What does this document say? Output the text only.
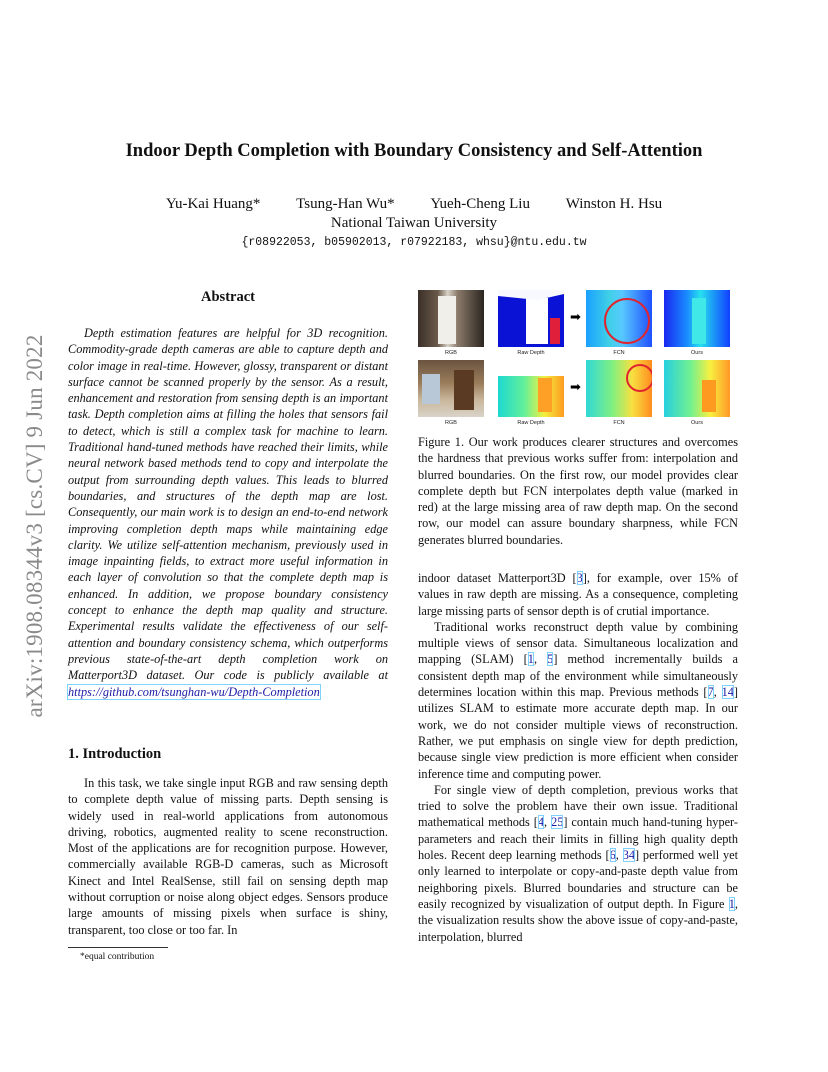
arXiv:1908.08344v3 [cs.CV] 9 Jun 2022
Indoor Depth Completion with Boundary Consistency and Self-Attention
Yu-Kai Huang* Tsung-Han Wu* Yueh-Cheng Liu Winston H. Hsu
National Taiwan University
{r08922053, b05902013, r07922183, whsu}@ntu.edu.tw
Abstract

Depth estimation features are helpful for 3D recognition. Commodity-grade depth cameras are able to capture depth and color image in real-time. However, glossy, transparent or distant surface cannot be scanned properly by the sensor. As a result, enhancement and restoration from sensing depth is an important task. Depth completion aims at filling the holes that sensors fail to detect, which is still a complex task for machine to learn. Traditional hand-tuned methods have reached their limits, while neural network based methods tend to copy and interpolate the output from surrounding depth values. This leads to blurred boundaries, and structures of the depth map are lost. Consequently, our main work is to design an end-to-end network improving completion depth maps while maintaining edge clarity. We utilize self-attention mechanism, previously used in image inpainting fields, to extract more useful information in each layer of convolution so that the complete depth map is enhanced. In addition, we propose boundary consistency concept to enhance the depth map quality and structure. Experimental results validate the effectiveness of our self-attention and boundary consistency schema, which outperforms previous state-of-the-art depth completion work on Matterport3D dataset. Our code is publicly available at https://github.com/tsunghan-wu/Depth-Completion

1. Introduction

In this task, we take single input RGB and raw sensing depth to complete depth value of missing parts. Depth sensing is widely used in real-world applications from autonomous driving, robotics, augmented reality to scene reconstruction. Most of the applications are for recognition purpose. However, commercially available RGB-D cameras, such as Microsoft Kinect and Intel RealSense, still fail on sensing depth map without corruption or noise along object edges. Sensors produce large amounts of missing pixels when surface is shiny, transparent, too close or too far. In

*equal contribution
➡
RGB	Raw Depth	FCN	Ours
➡
RGB	Raw Depth	FCN	Ours
Figure 1. Our work produces clearer structures and overcomes the hardness that previous works suffer from: interpolation and blurred boundaries. On the first row, our model provides clear complete depth but FCN interpolates depth value (marked in red) at the large missing area of raw depth map. On the second row, our model can assure boundary sharpness, while FCN generates blurred boundaries.

indoor dataset Matterport3D [3], for example, over 15% of values in raw depth are missing. As a consequence, completing large missing parts of sensor depth is of crutial importance.

Traditional works reconstruct depth value by combining multiple views of sensor data. Simultaneous localization and mapping (SLAM) [1, 5] method incrementally builds a consistent depth map of the environment while simultaneously determines location within this map. Previous methods [7, 14] utilizes SLAM to estimate more accurate depth map. In our work, we do not consider multiple views of reconstruction. Rather, we put emphasis on single view for depth prediction, because single view prediction is more efficient when consider inference time and computing power.

For single view of depth completion, previous works that tried to solve the problem have their own issue. Traditional mathematical methods [4, 25] contain much hand-tuning hyper-parameters and reach their limits in filling high quality depth holes. Recent deep learning methods [6, 34] performed well yet only learned to interpolate or copy-and-paste depth value from neighboring pixels. Blurred boundaries and structure can be easily recognized by visualization of output depth. In Figure 1, the visualization results show the above issue of copy-and-paste, interpolation, blurred
